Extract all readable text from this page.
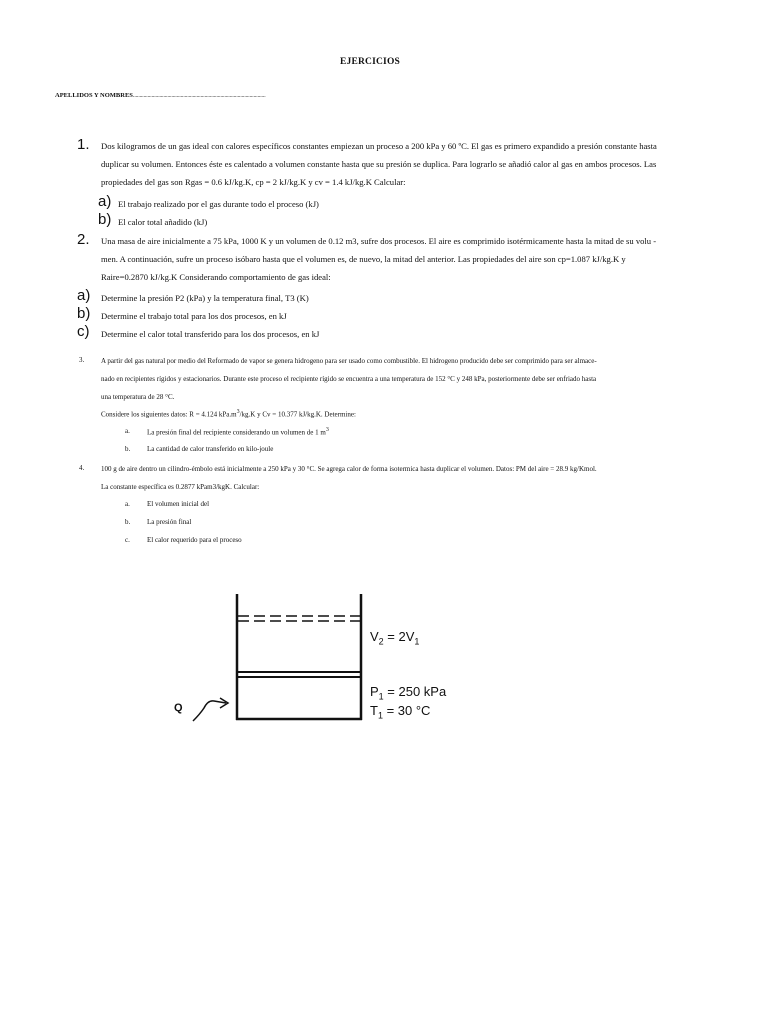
EJERCICIOS
APELLIDOS Y NOMBRES....................................................................................................
1. Dos kilogramos de un gas ideal con calores específicos constantes empiezan un proceso a 200 kPa y 60 ºC. El gas es primero expandido a presión constante hasta
duplicar su volumen. Entonces éste es calentado a volumen constante hasta que su presión se duplica. Para lograrlo se añadió calor al gas en ambos procesos. Las
propiedades del gas son Rgas = 0.6 kJ/kg.K, cp = 2 kJ/kg.K y cv = 1.4 kJ/kg.K Calcular:
a) El trabajo realizado por el gas durante todo el proceso (kJ)
b) El calor total añadido (kJ)
2. Una masa de aire inicialmente a 75 kPa, 1000 K y un volumen de 0.12 m3, sufre dos procesos. El aire es comprimido isotérmicamente hasta la mitad de su volu -
men. A continuación, sufre un proceso isóbaro hasta que el volumen es, de nuevo, la mitad del anterior. Las propiedades del aire son cp=1.087 kJ/kg.K y
Raire=0.2870 kJ/kg.K Considerando comportamiento de gas ideal:
a) Determine la presión P2 (kPa) y la temperatura final, T3 (K)
b) Determine el trabajo total para los dos procesos, en kJ
c) Determine el calor total transferido para los dos procesos, en kJ
3. A partir del gas natural por medio del Reformado de vapor se genera hidrogeno para ser usado como combustible. El hidrogeno producido debe ser comprimido para ser almace-
nado en recipientes rígidos y estacionarios. Durante este proceso el recipiente rígido se encuentra a una temperatura de 152 °C y 248 kPa, posteriormente debe ser enfriado hasta
una temperatura de 28 °C.
Considere los siguientes datos: R = 4.124 $kPa.m^3/kg.K$ y Cv = 10.377 kJ/kg.K. Determine:
a. La presión final del recipiente considerando un volumen de 1 $m^3$
b. La cantidad de calor transferido en kilo-joule
4. 100 g de aire dentro un cilindro-émbolo está inicialmente a 250 kPa y 30 °C. Se agrega calor de forma isotermica hasta duplicar el volumen. Datos: PM del aire = 28.9 kg/Kmol.
La constante específica es 0.2877 kPam3/kgK. Calcular:
a. El volumen inicial del
b. La presión final
c. El calor requerido para el proceso
$V_2 = 2V_1$
$P_1 = 250$ kPa
$T_1 = 30$ °C
Q
